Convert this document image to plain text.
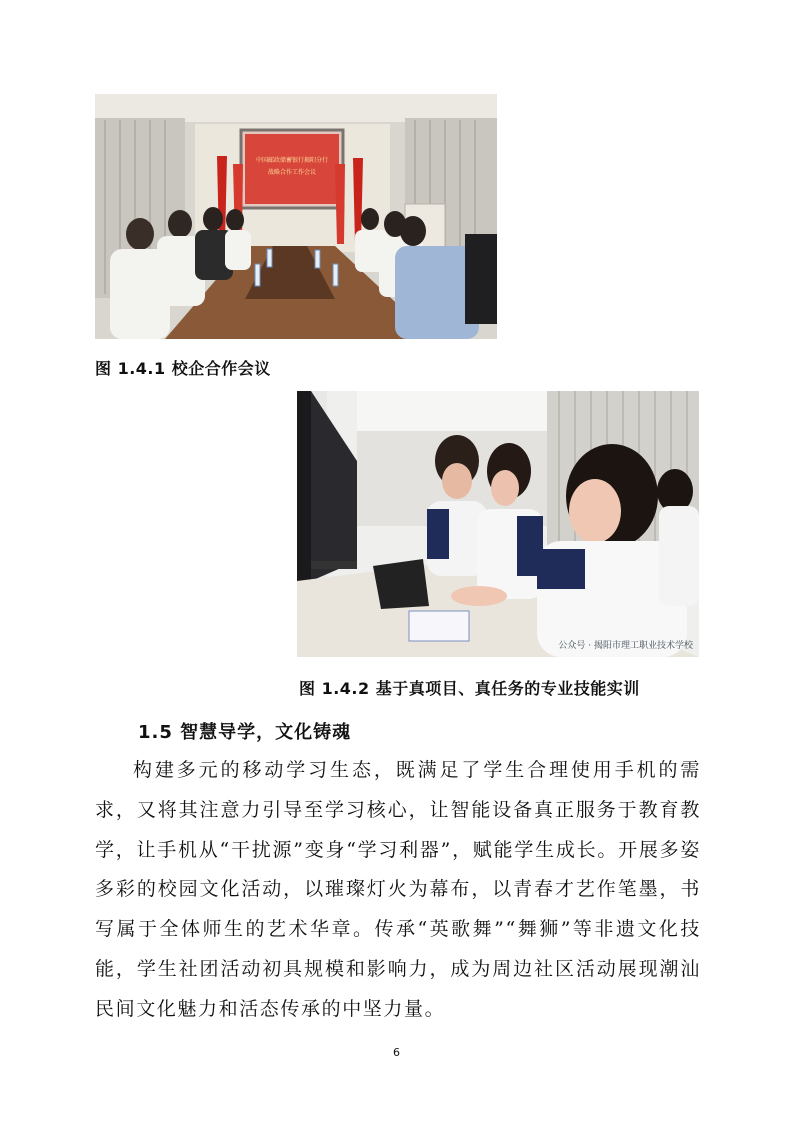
中国邮政储蓄银行揭阳分行
战略合作工作会议
图 1.4.1 校企合作会议
公众号 · 揭阳市理工职业技术学校
图 1.4.2 基于真项目、真任务的专业技能实训
1.5 智慧导学，文化铸魂

构建多元的移动学习生态，既满足了学生合理使用手机的需求，又将其注意力引导至学习核心，让智能设备真正服务于教育教学，让手机从“干扰源”变身“学习利器”，赋能学生成长。开展多姿多彩的校园文化活动，以璀璨灯火为幕布，以青春才艺作笔墨，书写属于全体师生的艺术华章。传承“英歌舞”“舞狮”等非遗文化技能，学生社团活动初具规模和影响力，成为周边社区活动展现潮汕民间文化魅力和活态传承的中坚力量。

6
